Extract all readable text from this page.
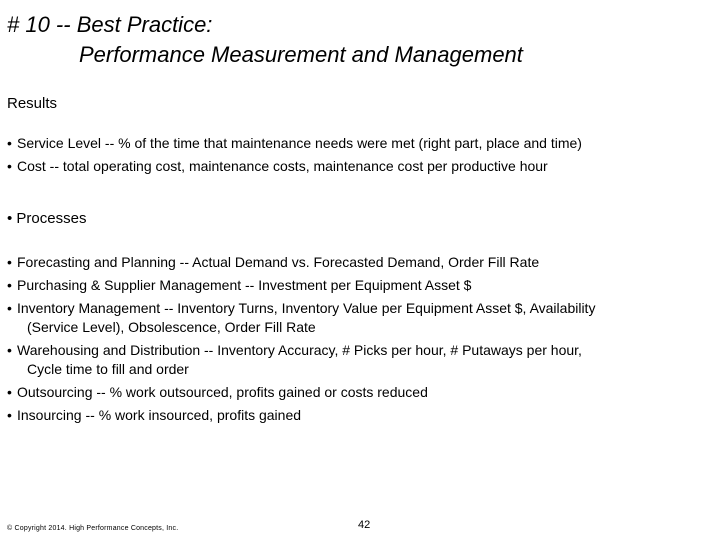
# 10 -- Best Practice:
Performance Measurement and Management
Results
• Service Level -- % of the time that maintenance needs were met (right part, place and time)
• Cost -- total operating cost, maintenance costs, maintenance cost per productive hour
• Processes
• Forecasting and Planning -- Actual Demand vs. Forecasted Demand, Order Fill Rate
• Purchasing & Supplier Management -- Investment per Equipment Asset $
• Inventory Management -- Inventory Turns, Inventory Value per Equipment Asset $, Availability
(Service Level), Obsolescence, Order Fill Rate
• Warehousing and Distribution -- Inventory Accuracy, # Picks per hour, # Putaways per hour,
Cycle time to fill and order
• Outsourcing -- % work outsourced, profits gained or costs reduced
• Insourcing -- % work insourced, profits gained
© Copyright 2014. High Performance Concepts, Inc.	42
